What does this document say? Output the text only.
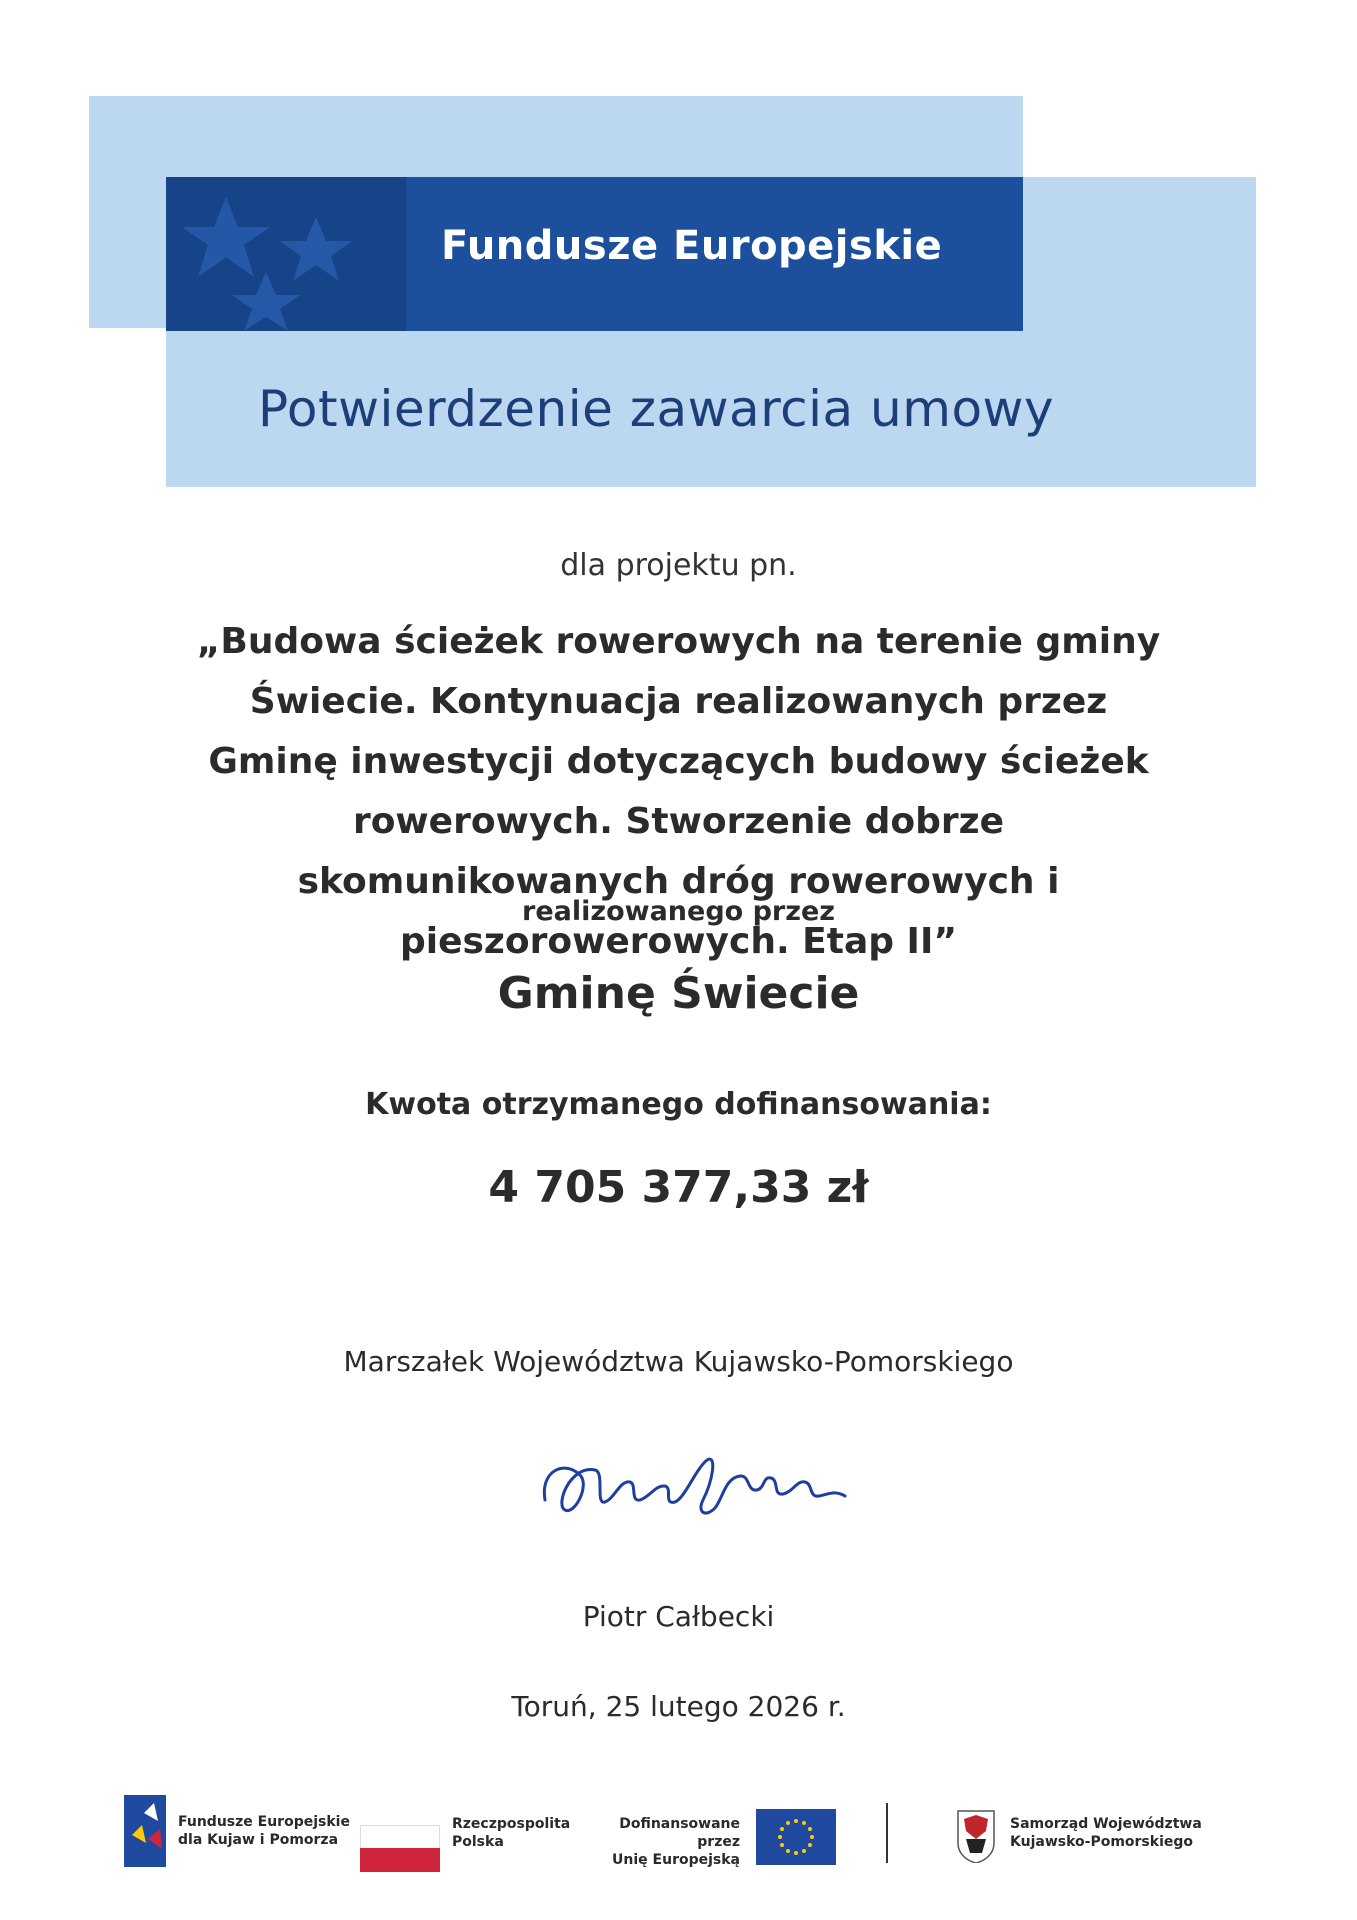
Fundusze Europejskie
Potwierdzenie zawarcia umowy
dla projektu pn.
„Budowa ścieżek rowerowych na terenie gminy Świecie. Kontynuacja realizowanych przez Gminę inwestycji dotyczących budowy ścieżek rowerowych. Stworzenie dobrze skomunikowanych dróg rowerowych i pieszorowerowych. Etap II”
realizowanego przez
Gminę Świecie
Kwota otrzymanego dofinansowania:
4 705 377,33 zł
Marszałek Województwa Kujawsko-Pomorskiego
Piotr Całbecki
Toruń, 25 lutego 2026 r.
Fundusze Europejskie
dla Kujaw i Pomorza
Rzeczpospolita
Polska
Dofinansowane przez
Unię Europejską
Samorząd Województwa
Kujawsko-Pomorskiego
